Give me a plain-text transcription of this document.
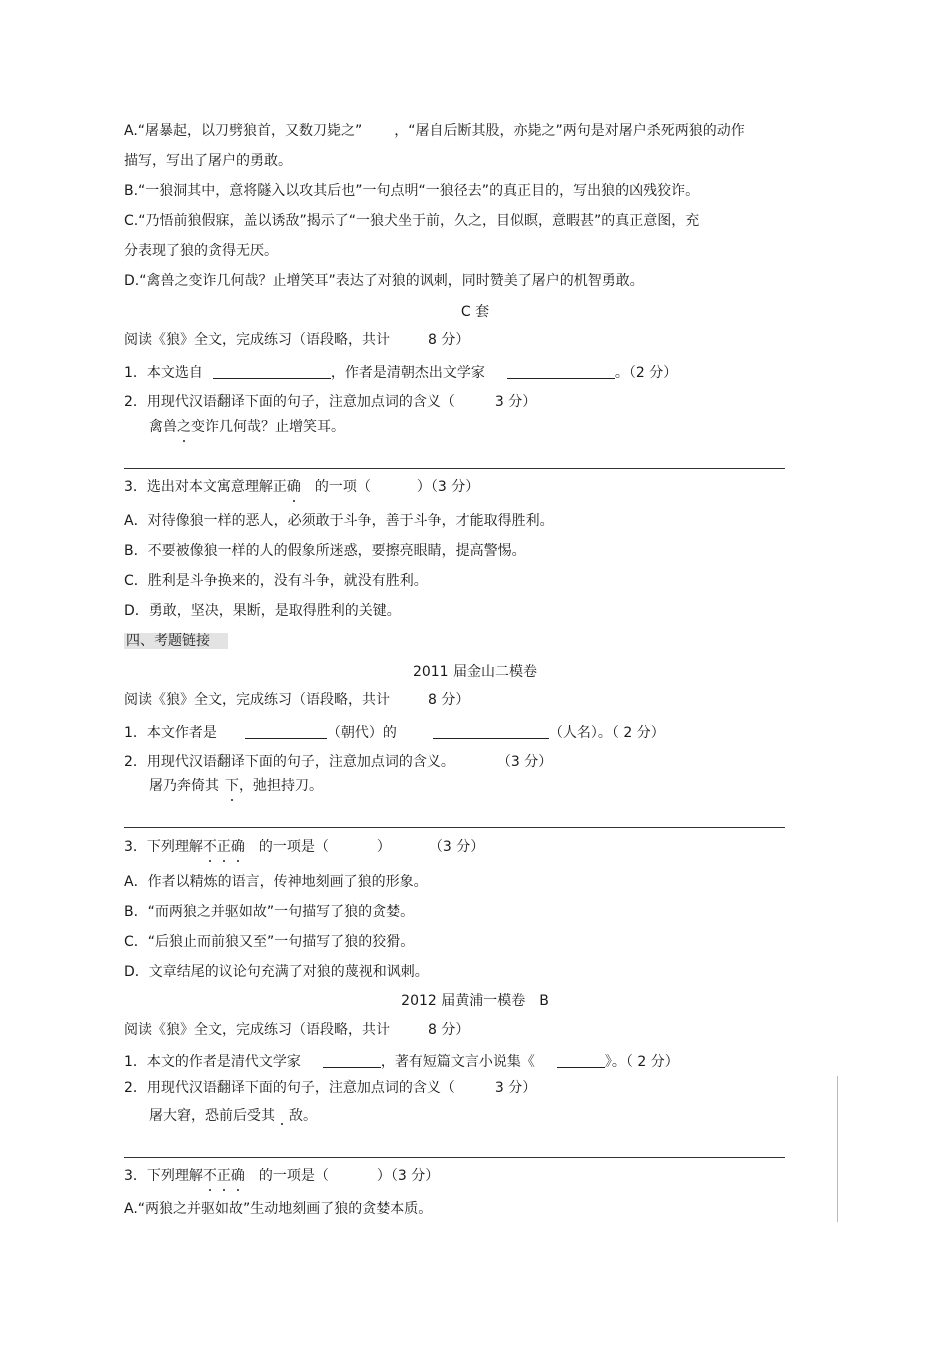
A.“屠暴起，以刀劈狼首，又数刀毙之” ，“屠自后断其股，亦毙之”两句是对屠户杀死两狼的动作
描写，写出了屠户的勇敢。
B.“一狼洞其中，意将隧入以攻其后也”一句点明“一狼径去”的真正目的，写出狼的凶残狡诈。
C.“乃悟前狼假寐，盖以诱敌”揭示了“一狼犬坐于前，久之，目似瞑，意暇甚”的真正意图，充
分表现了狼的贪得无厌。
D.“禽兽之变诈几何哉？止增笑耳”表达了对狼的讽刺，同时赞美了屠户的机智勇敢。
C 套
阅读《狼》全文，完成练习（语段略，共计	8 分）
1．本文选自	，作者是清朝杰出文学家	。（2 分）
2．用现代汉语翻译下面的句子，注意加点词的含义（	3 分）
禽兽之变诈几何哉？止增笑耳。
3．选出对本文寓意理解正确 的一项（	）（3 分）
A．对待像狼一样的恶人，必须敢于斗争，善于斗争，才能取得胜利。
B．不要被像狼一样的人的假象所迷惑，要擦亮眼睛，提高警惕。
C．胜利是斗争换来的，没有斗争，就没有胜利。
D．勇敢，坚决，果断，是取得胜利的关键。
四、考题链接
2011 届金山二模卷
阅读《狼》全文，完成练习（语段略，共计	8 分）
1．本文作者是	（朝代）的	（人名）。（ 2 分）
2．用现代汉语翻译下面的句子，注意加点词的含义。	（3 分）
屠乃奔倚其 下，弛担持刀。
3．下列理解不正确 的一项是（	）	（3 分）
A．作者以精炼的语言，传神地刻画了狼的形象。
B．“而两狼之并驱如故”一句描写了狼的贪婪。
C．“后狼止而前狼又至”一句描写了狼的狡猾。
D．文章结尾的议论句充满了对狼的蔑视和讽刺。
2012 届黄浦一模卷　B
阅读《狼》全文，完成练习（语段略，共计	8 分）
1．本文的作者是清代文学家	，著有短篇文言小说集《	》。（ 2 分）
2．用现代汉语翻译下面的句子，注意加点词的含义（	3 分）
屠大窘，恐前后受其 敌。
3．下列理解不正确 的一项是（	）（3 分）
A.“两狼之并驱如故”生动地刻画了狼的贪婪本质。
